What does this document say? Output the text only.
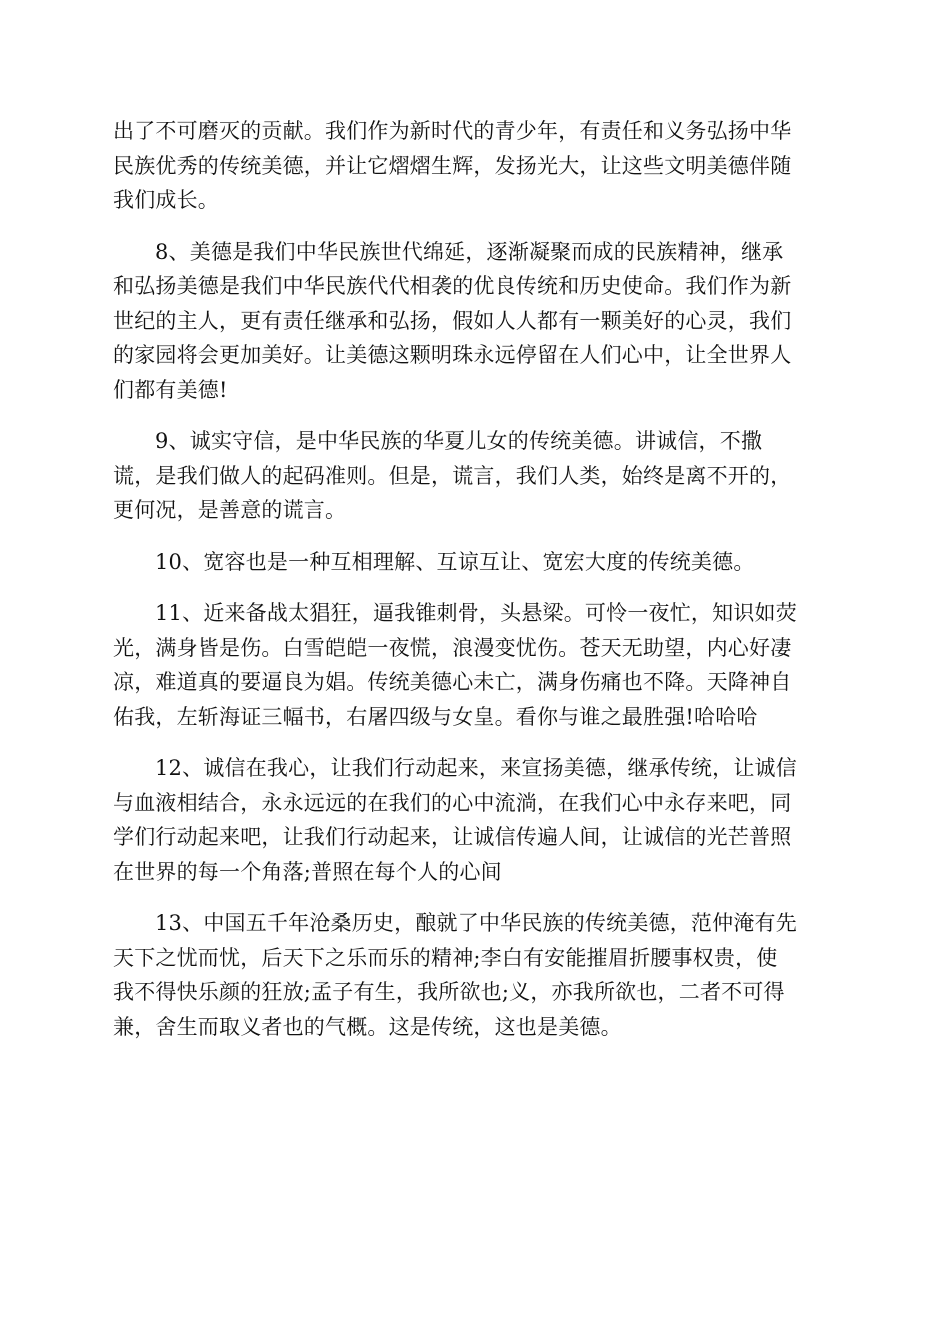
出了不可磨灭的贡献。我们作为新时代的青少年，有责任和义务弘扬中华
民族优秀的传统美德，并让它熠熠生辉，发扬光大，让这些文明美德伴随
我们成长。

8、美德是我们中华民族世代绵延，逐渐凝聚而成的民族精神，继承
和弘扬美德是我们中华民族代代相袭的优良传统和历史使命。我们作为新
世纪的主人，更有责任继承和弘扬，假如人人都有一颗美好的心灵，我们
的家园将会更加美好。让美德这颗明珠永远停留在人们心中，让全世界人
们都有美德!

9、诚实守信，是中华民族的华夏儿女的传统美德。讲诚信，不撒
谎，是我们做人的起码准则。但是，谎言，我们人类，始终是离不开的，
更何况，是善意的谎言。

10、宽容也是一种互相理解、互谅互让、宽宏大度的传统美德。

11、近来备战太猖狂，逼我锥刺骨，头悬梁。可怜一夜忙，知识如荧
光，满身皆是伤。白雪皑皑一夜慌，浪漫变忧伤。苍天无助望，内心好凄
凉，难道真的要逼良为娼。传统美德心未亡，满身伤痛也不降。天降神自
佑我，左斩海证三幅书，右屠四级与女皇。看你与谁之最胜强!哈哈哈

12、诚信在我心，让我们行动起来，来宣扬美德，继承传统，让诚信
与血液相结合，永永远远的在我们的心中流淌，在我们心中永存来吧，同
学们行动起来吧，让我们行动起来，让诚信传遍人间，让诚信的光芒普照
在世界的每一个角落;普照在每个人的心间

13、中国五千年沧桑历史，酿就了中华民族的传统美德，范仲淹有先
天下之忧而忧，后天下之乐而乐的精神;李白有安能摧眉折腰事权贵，使
我不得快乐颜的狂放;孟子有生，我所欲也;义，亦我所欲也，二者不可得
兼，舍生而取义者也的气概。这是传统，这也是美德。
